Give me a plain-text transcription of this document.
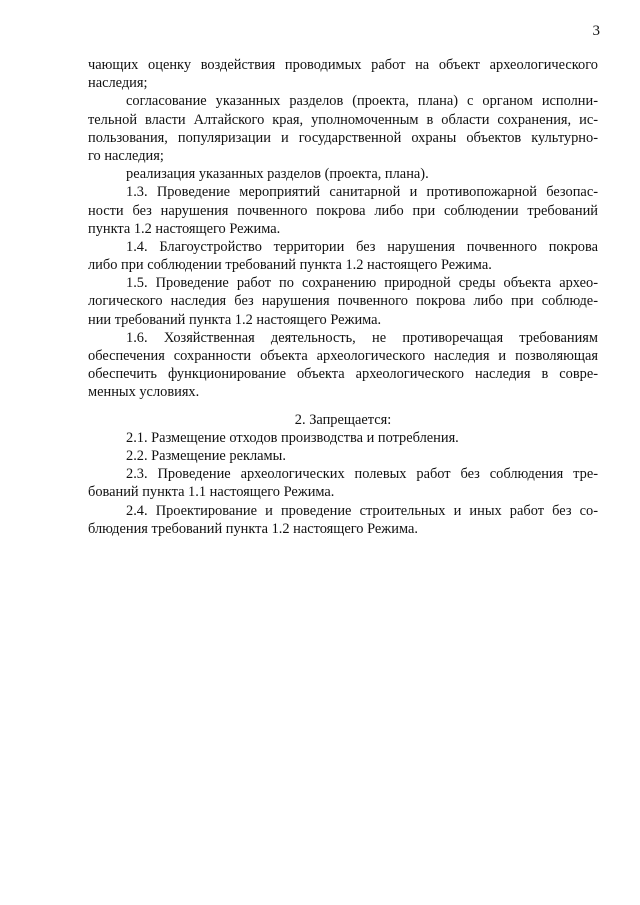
3
чающих оценку воздействия проводимых работ на объект археологического
наследия;
согласование указанных разделов (проекта, плана) с органом исполни-
тельной власти Алтайского края, уполномоченным в области сохранения, ис-
пользования, популяризации и государственной охраны объектов культурно-
го наследия;
реализация указанных разделов (проекта, плана).
1.3. Проведение мероприятий санитарной и противопожарной безопас-
ности без нарушения почвенного покрова либо при соблюдении требований
пункта 1.2 настоящего Режима.
1.4. Благоустройство территории без нарушения почвенного покрова
либо при соблюдении требований пункта 1.2 настоящего Режима.
1.5. Проведение работ по сохранению природной среды объекта архео-
логического наследия без нарушения почвенного покрова либо при соблюде-
нии требований пункта 1.2 настоящего Режима.
1.6. Хозяйственная деятельность, не противоречащая требованиям
обеспечения сохранности объекта археологического наследия и позволяющая
обеспечить функционирование объекта археологического наследия в совре-
менных условиях.
2. Запрещается:
2.1. Размещение отходов производства и потребления.
2.2. Размещение рекламы.
2.3. Проведение археологических полевых работ без соблюдения тре-
бований пункта 1.1 настоящего Режима.
2.4. Проектирование и проведение строительных и иных работ без со-
блюдения требований пункта 1.2 настоящего Режима.
